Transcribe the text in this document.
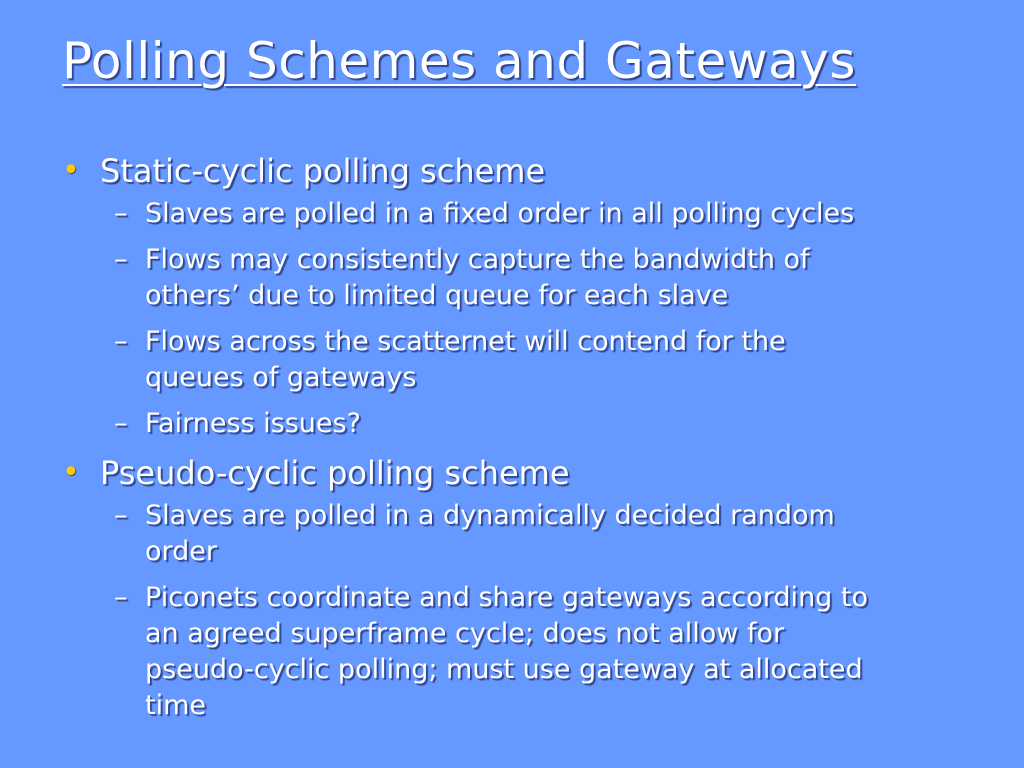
Polling Schemes and Gateways
• Static-cyclic polling scheme
– Slaves are polled in a fixed order in all polling cycles
– Flows may consistently capture the bandwidth of
others’ due to limited queue for each slave
– Flows across the scatternet will contend for the
queues of gateways
– Fairness issues?
• Pseudo-cyclic polling scheme
– Slaves are polled in a dynamically decided random
order
– Piconets coordinate and share gateways according to
an agreed superframe cycle; does not allow for
pseudo-cyclic polling; must use gateway at allocated
time
